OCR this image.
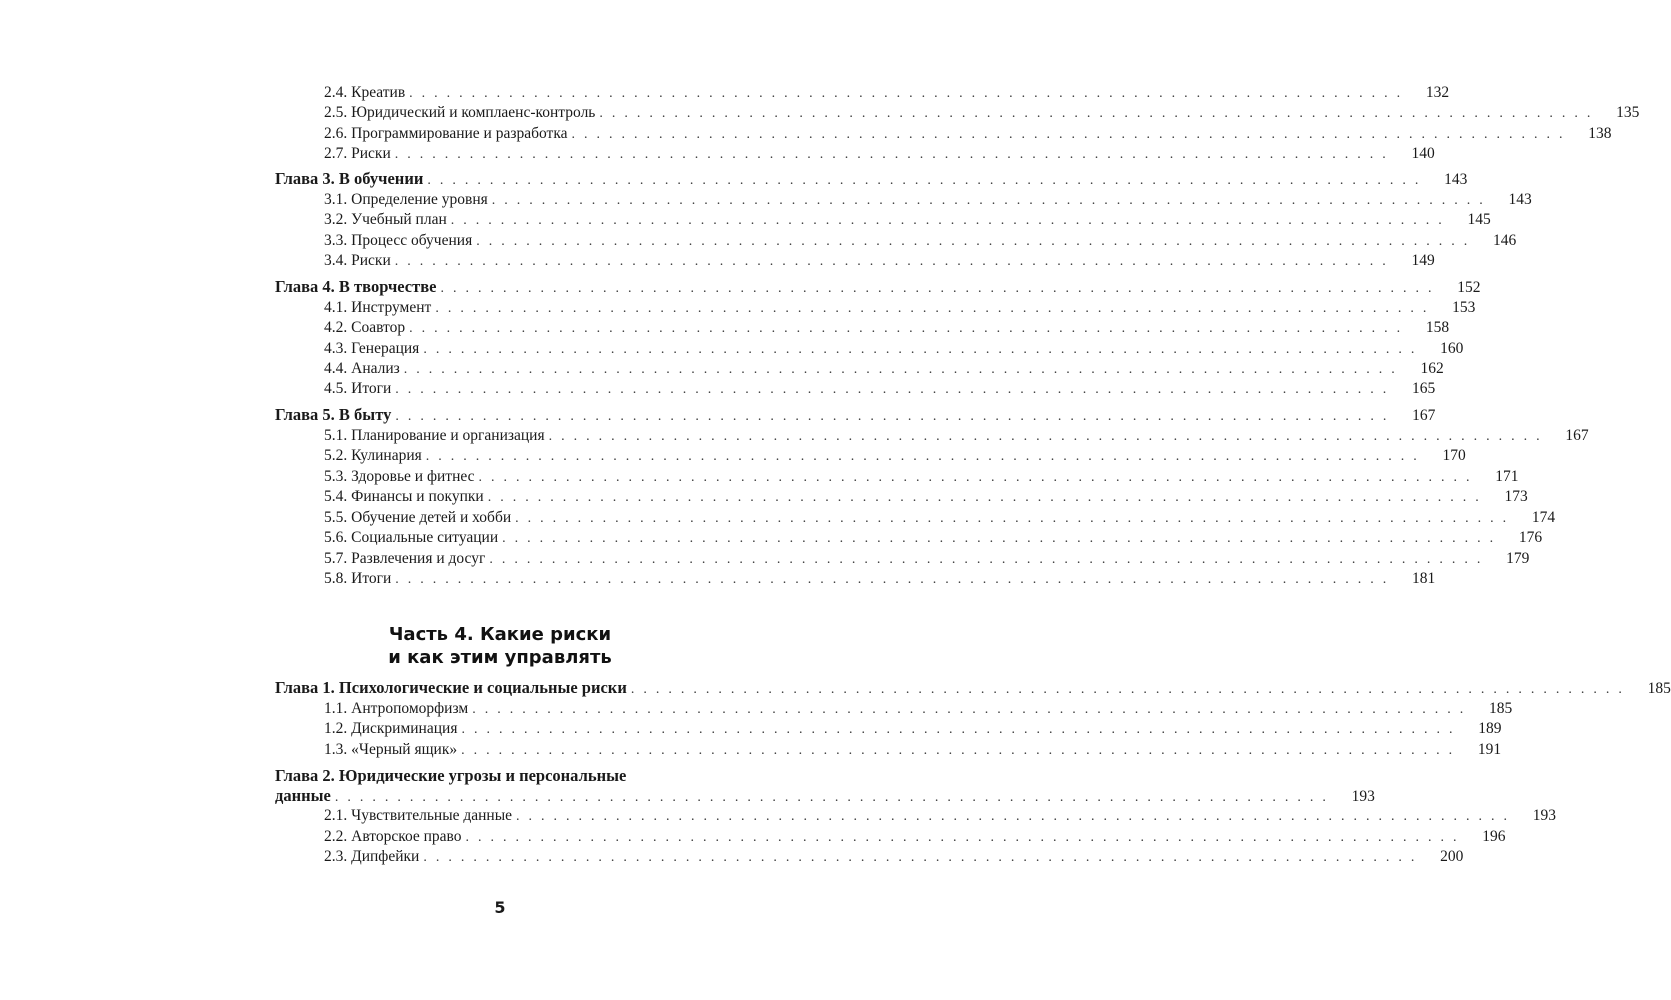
Часть 4. Какие риски
и как этим управлять
5
2.4. Креатив ................................................................................	132
2.5. Юридический и комплаенс-контроль ................................................................................	135
2.6. Программирование и разработка ................................................................................	138
2.7. Риски ................................................................................	140
Глава 3. В обучении ................................................................................	143
3.1. Определение уровня ................................................................................	143
3.2. Учебный план ................................................................................	145
3.3. Процесс обучения ................................................................................	146
3.4. Риски ................................................................................	149
Глава 4. В творчестве ................................................................................	152
4.1. Инструмент ................................................................................	153
4.2. Соавтор ................................................................................	158
4.3. Генерация ................................................................................	160
4.4. Анализ ................................................................................	162
4.5. Итоги ................................................................................	165
Глава 5. В быту ................................................................................	167
5.1. Планирование и организация ................................................................................	167
5.2. Кулинария ................................................................................	170
5.3. Здоровье и фитнес ................................................................................	171
5.4. Финансы и покупки ................................................................................	173
5.5. Обучение детей и хобби ................................................................................	174
5.6. Социальные ситуации ................................................................................	176
5.7. Развлечения и досуг ................................................................................	179
5.8. Итоги ................................................................................	181
Глава 1. Психологические и социальные риски ................................................................................	185
1.1. Антропоморфизм ................................................................................	185
1.2. Дискриминация ................................................................................	189
1.3. «Черный ящик» ................................................................................	191
Глава 2. Юридические угрозы и персональные
данные ................................................................................	193
2.1. Чувствительные данные ................................................................................	193
2.2. Авторское право ................................................................................	196
2.3. Дипфейки ................................................................................	200
